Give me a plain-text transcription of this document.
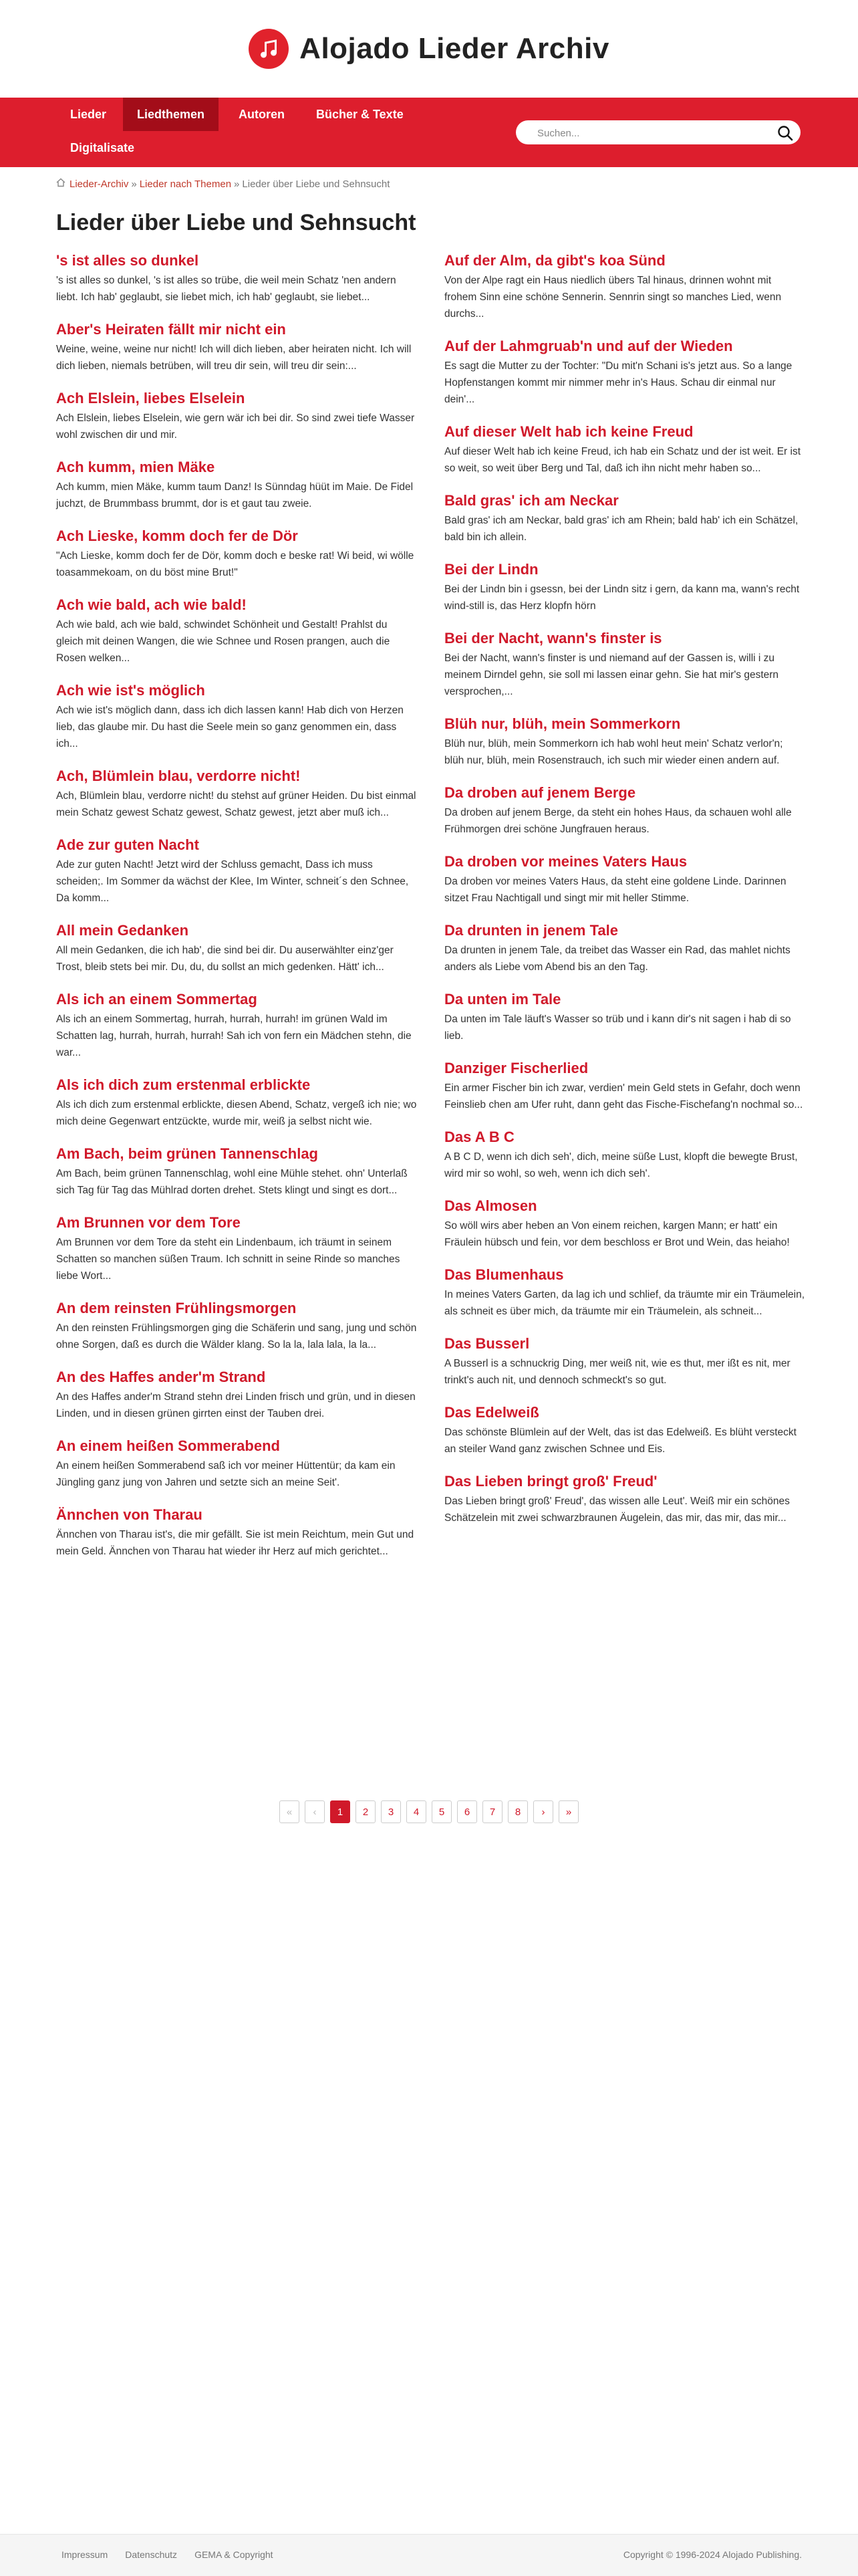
Alojado Lieder Archiv
Lieder	Liedthemen	Autoren	Bücher & Texte
Digitalisate
Suchen...
Lieder-Archiv » Lieder nach Themen » Lieder über Liebe und Sehnsucht
Lieder über Liebe und Sehnsucht
's ist alles so dunkel

's ist alles so dunkel, 's ist alles so trübe, die weil mein Schatz 'nen andern liebt. Ich hab' geglaubt, sie liebet mich, ich hab' geglaubt, sie liebet...

Aber's Heiraten fällt mir nicht ein

Weine, weine, weine nur nicht! Ich will dich lieben, aber heiraten nicht. Ich will dich lieben, niemals betrüben, will treu dir sein, will treu dir sein:...

Ach Elslein, liebes Elselein

Ach Elslein, liebes Elselein, wie gern wär ich bei dir. So sind zwei tiefe Wasser wohl zwischen dir und mir.

Ach kumm, mien Mäke

Ach kumm, mien Mäke, kumm taum Danz! Is Sünndag hüüt im Maie. De Fidel juchzt, de Brummbass brummt, dor is et gaut tau zweie.

Ach Lieske, komm doch fer de Dör

"Ach Lieske, komm doch fer de Dör, komm doch e beske rat! Wi beid, wi wölle toasammekoam, on du böst mine Brut!"

Ach wie bald, ach wie bald!

Ach wie bald, ach wie bald, schwindet Schönheit und Gestalt! Prahlst du gleich mit deinen Wangen, die wie Schnee und Rosen prangen, auch die Rosen welken...

Ach wie ist's möglich

Ach wie ist's möglich dann, dass ich dich lassen kann! Hab dich von Herzen lieb, das glaube mir. Du hast die Seele mein so ganz genommen ein, dass ich...

Ach, Blümlein blau, verdorre nicht!

Ach, Blümlein blau, verdorre nicht! du stehst auf grüner Heiden. Du bist einmal mein Schatz gewest Schatz gewest, Schatz gewest, jetzt aber muß ich...

Ade zur guten Nacht

Ade zur guten Nacht! Jetzt wird der Schluss gemacht, Dass ich muss scheiden;. Im Sommer da wächst der Klee, Im Winter, schneit´s den Schnee, Da komm...

All mein Gedanken

All mein Gedanken, die ich hab', die sind bei dir. Du auserwählter einz'ger Trost, bleib stets bei mir. Du, du, du sollst an mich gedenken. Hätt' ich...

Als ich an einem Sommertag

Als ich an einem Sommertag, hurrah, hurrah, hurrah! im grünen Wald im Schatten lag, hurrah, hurrah, hurrah! Sah ich von fern ein Mädchen stehn, die war...

Als ich dich zum erstenmal erblickte

Als ich dich zum erstenmal erblickte, diesen Abend, Schatz, vergeß ich nie; wo mich deine Gegenwart entzückte, wurde mir, weiß ja selbst nicht wie.

Am Bach, beim grünen Tannenschlag

Am Bach, beim grünen Tannenschlag, wohl eine Mühle stehet. ohn' Unterlaß sich Tag für Tag das Mühlrad dorten drehet. Stets klingt und singt es dort...

Am Brunnen vor dem Tore

Am Brunnen vor dem Tore da steht ein Lindenbaum, ich träumt in seinem Schatten so manchen süßen Traum. Ich schnitt in seine Rinde so manches liebe Wort...

An dem reinsten Frühlingsmorgen

An den reinsten Frühlingsmorgen ging die Schäferin und sang, jung und schön ohne Sorgen, daß es durch die Wälder klang. So la la, lala lala, la la...

An des Haffes ander'm Strand

An des Haffes ander'm Strand stehn drei Linden frisch und grün, und in diesen Linden, und in diesen grünen girrten einst der Tauben drei.

An einem heißen Sommerabend

An einem heißen Sommerabend saß ich vor meiner Hüttentür; da kam ein Jüngling ganz jung von Jahren und setzte sich an meine Seit'.

Ännchen von Tharau

Ännchen von Tharau ist's, die mir gefällt. Sie ist mein Reichtum, mein Gut und mein Geld. Ännchen von Tharau hat wieder ihr Herz auf mich gerichtet...

Auf der Alm, da gibt's koa Sünd

Von der Alpe ragt ein Haus niedlich übers Tal hinaus, drinnen wohnt mit frohem Sinn eine schöne Sennerin. Sennrin singt so manches Lied, wenn durchs...

Auf der Lahmgruab'n und auf der Wieden

Es sagt die Mutter zu der Tochter: "Du mit'n Schani is's jetzt aus. So a lange Hopfenstangen kommt mir nimmer mehr in's Haus. Schau dir einmal nur dein'...

Auf dieser Welt hab ich keine Freud

Auf dieser Welt hab ich keine Freud, ich hab ein Schatz und der ist weit. Er ist so weit, so weit über Berg und Tal, daß ich ihn nicht mehr haben so...

Bald gras' ich am Neckar

Bald gras' ich am Neckar, bald gras' ich am Rhein; bald hab' ich ein Schätzel, bald bin ich allein.

Bei der Lindn

Bei der Lindn bin i gsessn, bei der Lindn sitz i gern, da kann ma, wann's recht wind-still is, das Herz klopfn hörn

Bei der Nacht, wann's finster is

Bei der Nacht, wann's finster is und niemand auf der Gassen is, willi i zu meinem Dirndel gehn, sie soll mi lassen einar gehn. Sie hat mir's gestern versprochen,...

Blüh nur, blüh, mein Sommerkorn

Blüh nur, blüh, mein Sommerkorn ich hab wohl heut mein' Schatz verlor'n; blüh nur, blüh, mein Rosenstrauch, ich such mir wieder einen andern auf.

Da droben auf jenem Berge

Da droben auf jenem Berge, da steht ein hohes Haus, da schauen wohl alle Frühmorgen drei schöne Jungfrauen heraus.

Da droben vor meines Vaters Haus

Da droben vor meines Vaters Haus, da steht eine goldene Linde. Darinnen sitzet Frau Nachtigall und singt mir mit heller Stimme.

Da drunten in jenem Tale

Da drunten in jenem Tale, da treibet das Wasser ein Rad, das mahlet nichts anders als Liebe vom Abend bis an den Tag.

Da unten im Tale

Da unten im Tale läuft's Wasser so trüb und i kann dir's nit sagen i hab di so lieb.

Danziger Fischerlied

Ein armer Fischer bin ich zwar, verdien' mein Geld stets in Gefahr, doch wenn Feinslieb chen am Ufer ruht, dann geht das Fische-Fischefang'n nochmal so...

Das A B C

A B C D, wenn ich dich seh', dich, meine süße Lust, klopft die bewegte Brust, wird mir so wohl, so weh, wenn ich dich seh'.

Das Almosen

So wöll wirs aber heben an Von einem reichen, kargen Mann; er hatt' ein Fräulein hübsch und fein, vor dem beschloss er Brot und Wein, das heiaho!

Das Blumenhaus

In meines Vaters Garten, da lag ich und schlief, da träumte mir ein Träumelein, als schneit es über mich, da träumte mir ein Träumelein, als schneit...

Das Busserl

A Busserl is a schnuckrig Ding, mer weiß nit, wie es thut, mer ißt es nit, mer trinkt's auch nit, und dennoch schmeckt's so gut.

Das Edelweiß

Das schönste Blümlein auf der Welt, das ist das Edelweiß. Es blüht versteckt an steiler Wand ganz zwischen Schnee und Eis.

Das Lieben bringt groß' Freud'

Das Lieben bringt groß' Freud', das wissen alle Leut'. Weiß mir ein schönes Schätzelein mit zwei schwarzbraunen Äugelein, das mir, das mir, das mir...

«	‹	1	2	3	4	5	6	7	8	›	»
Impressum Datenschutz GEMA & Copyright	Copyright © 1996-2024 Alojado Publishing.
